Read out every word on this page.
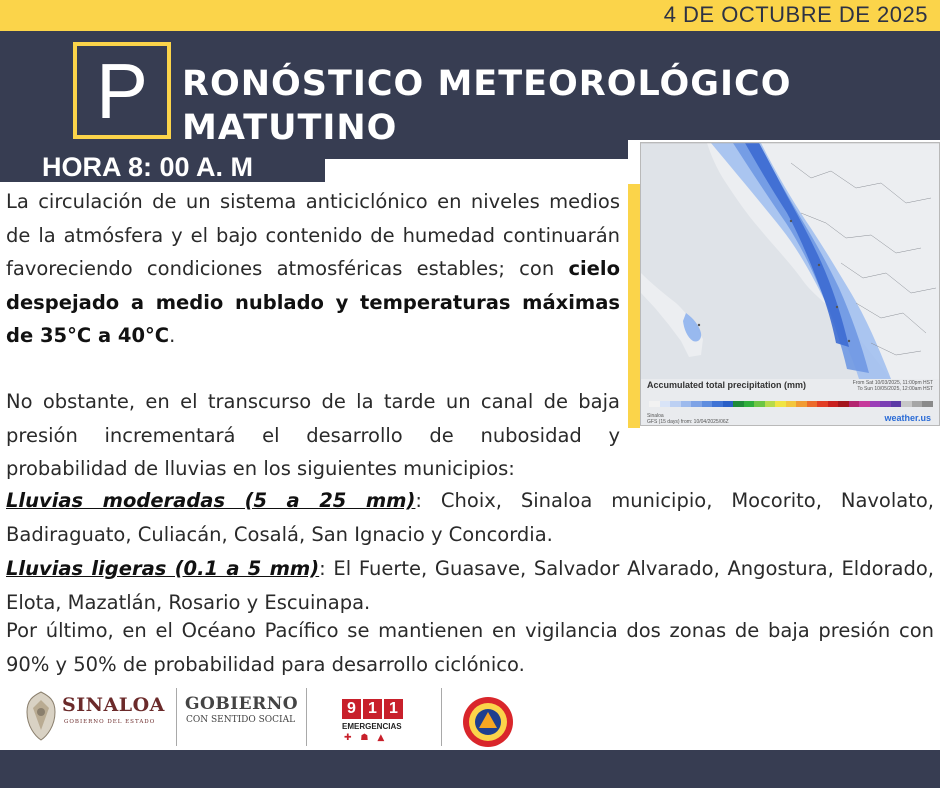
4 DE OCTUBRE DE 2025
P RONÓSTICO METEOROLÓGICO
MATUTINO
HORA 8: 00 A. M
Accumulated total precipitation (mm)	From Sat 10/03/2025, 11:00pm HST
To Sun 10/05/2025, 12:00am HST
Sinaloa
GFS (15 days) from: 10/04/2025/06Z	weather.us

La circulación de un sistema anticiclónico en niveles medios de la atmósfera y el bajo contenido de humedad continuarán favoreciendo condiciones atmosféricas estables; con cielo despejado a medio nublado y temperaturas máximas de 35°C a 40°C.

No obstante, en el transcurso de la tarde un canal de baja presión incrementará el desarrollo de nubosidad y probabilidad de lluvias en los siguientes municipios:

Lluvias moderadas (5 a 25 mm): Choix, Sinaloa municipio, Mocorito, Navolato, Badiraguato, Culiacán, Cosalá, San Ignacio y Concordia.

Lluvias ligeras (0.1 a 5 mm): El Fuerte, Guasave, Salvador Alvarado, Angostura, Eldorado, Elota, Mazatlán, Rosario y Escuinapa.

Por último, en el Océano Pacífico se mantienen en vigilancia dos zonas de baja presión con 90% y 50% de probabilidad para desarrollo ciclónico.

SINALOA
GOBIERNO DEL ESTADO
GOBIERNO
CON SENTIDO SOCIAL
9 1 1
EMERGENCIAS
✚ ☗ ▲
